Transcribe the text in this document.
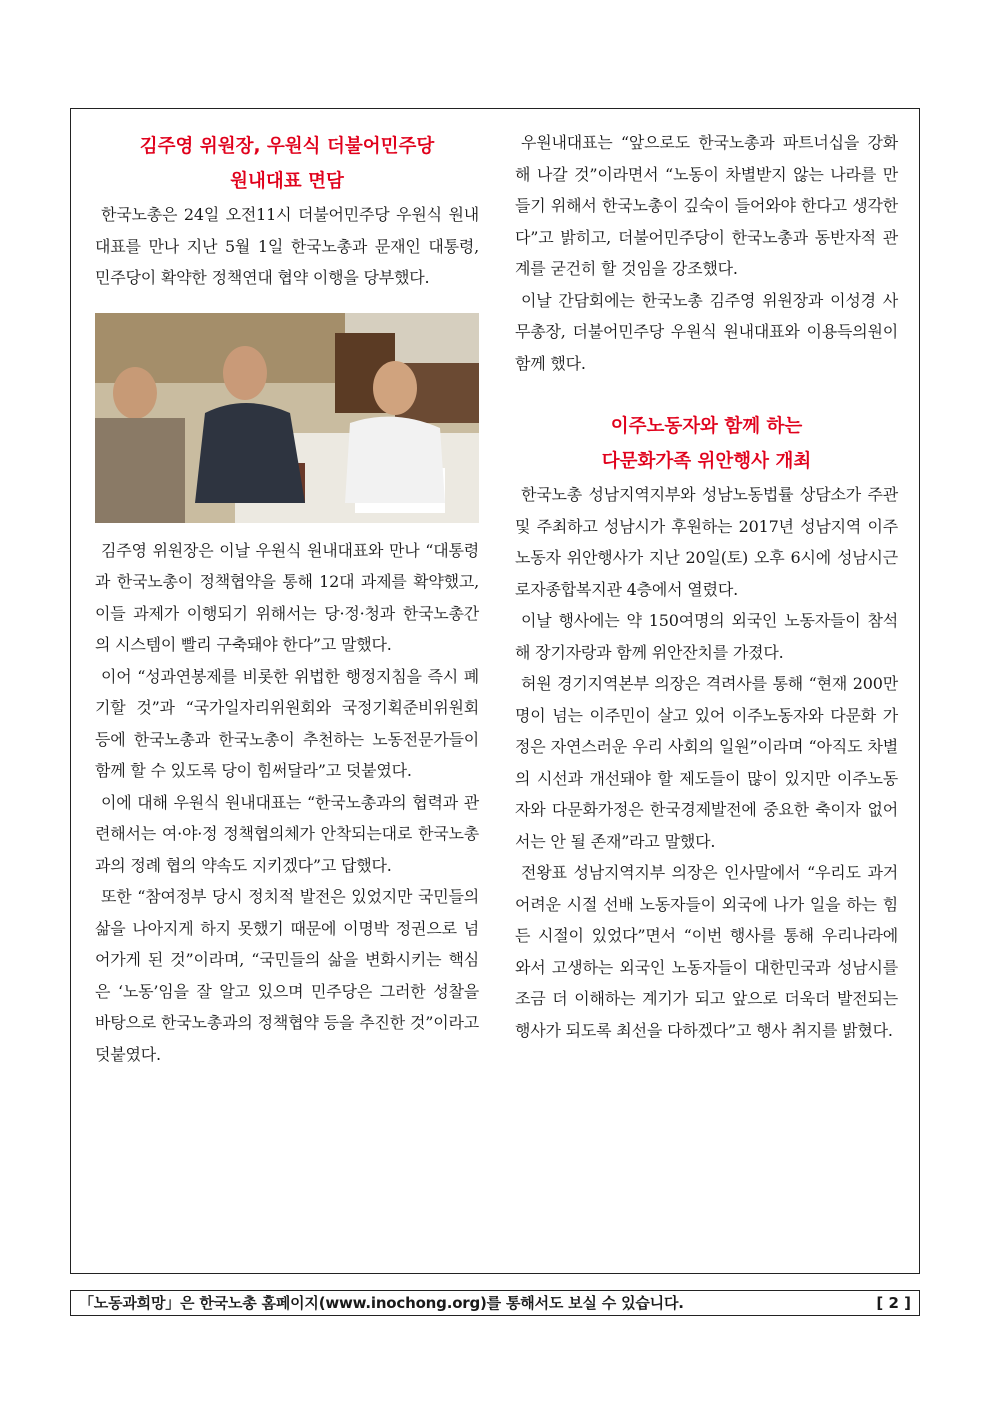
김주영 위원장, 우원식 더불어민주당
원내대표 면담

한국노총은 24일 오전11시 더불어민주당 우원식 원내대표를 만나 지난 5월 1일 한국노총과 문재인 대통령, 민주당이 확약한 정책연대 협약 이행을 당부했다.

김주영 위원장은 이날 우원식 원내대표와 만나 “대통령과 한국노총이 정책협약을 통해 12대 과제를 확약했고, 이들 과제가 이행되기 위해서는 당·정·청과 한국노총간의 시스템이 빨리 구축돼야 한다”고 말했다.

이어 “성과연봉제를 비롯한 위법한 행정지침을 즉시 폐기할 것”과 “국가일자리위원회와 국정기획준비위원회 등에 한국노총과 한국노총이 추천하는 노동전문가들이 함께 할 수 있도록 당이 힘써달라”고 덧붙였다.

이에 대해 우원식 원내대표는 “한국노총과의 협력과 관련해서는 여·야·정 정책협의체가 안착되는대로 한국노총과의 정례 협의 약속도 지키겠다”고 답했다.

또한 “참여정부 당시 정치적 발전은 있었지만 국민들의 삶을 나아지게 하지 못했기 때문에 이명박 정권으로 넘어가게 된 것”이라며, “국민들의 삶을 변화시키는 핵심은 ‘노동’임을 잘 알고 있으며 민주당은 그러한 성찰을 바탕으로 한국노총과의 정책협약 등을 추진한 것”이라고 덧붙였다.

우원내대표는 “앞으로도 한국노총과 파트너십을 강화해 나갈 것”이라면서 “노동이 차별받지 않는 나라를 만들기 위해서 한국노총이 깊숙이 들어와야 한다고 생각한다”고 밝히고, 더불어민주당이 한국노총과 동반자적 관계를 굳건히 할 것임을 강조했다.

이날 간담회에는 한국노총 김주영 위원장과 이성경 사무총장, 더불어민주당 우원식 원내대표와 이용득의원이 함께 했다.

이주노동자와 함께 하는
다문화가족 위안행사 개최

한국노총 성남지역지부와 성남노동법률 상담소가 주관 및 주최하고 성남시가 후원하는 2017년 성남지역 이주노동자 위안행사가 지난 20일(토) 오후 6시에 성남시근로자종합복지관 4층에서 열렸다.

이날 행사에는 약 150여명의 외국인 노동자들이 참석해 장기자랑과 함께 위안잔치를 가졌다.

허원 경기지역본부 의장은 격려사를 통해 “현재 200만 명이 넘는 이주민이 살고 있어 이주노동자와 다문화 가정은 자연스러운 우리 사회의 일원”이라며 “아직도 차별의 시선과 개선돼야 할 제도들이 많이 있지만 이주노동자와 다문화가정은 한국경제발전에 중요한 축이자 없어서는 안 될 존재”라고 말했다.

전왕표 성남지역지부 의장은 인사말에서 “우리도 과거 어려운 시절 선배 노동자들이 외국에 나가 일을 하는 힘든 시절이 있었다”면서 “이번 행사를 통해 우리나라에 와서 고생하는 외국인 노동자들이 대한민국과 성남시를 조금 더 이해하는 계기가 되고 앞으로 더욱더 발전되는 행사가 되도록 최선을 다하겠다”고 행사 취지를 밝혔다.

「노동과희망」은 한국노총 홈페이지(www.inochong.org)를 통해서도 보실 수 있습니다.	[ 2 ]
